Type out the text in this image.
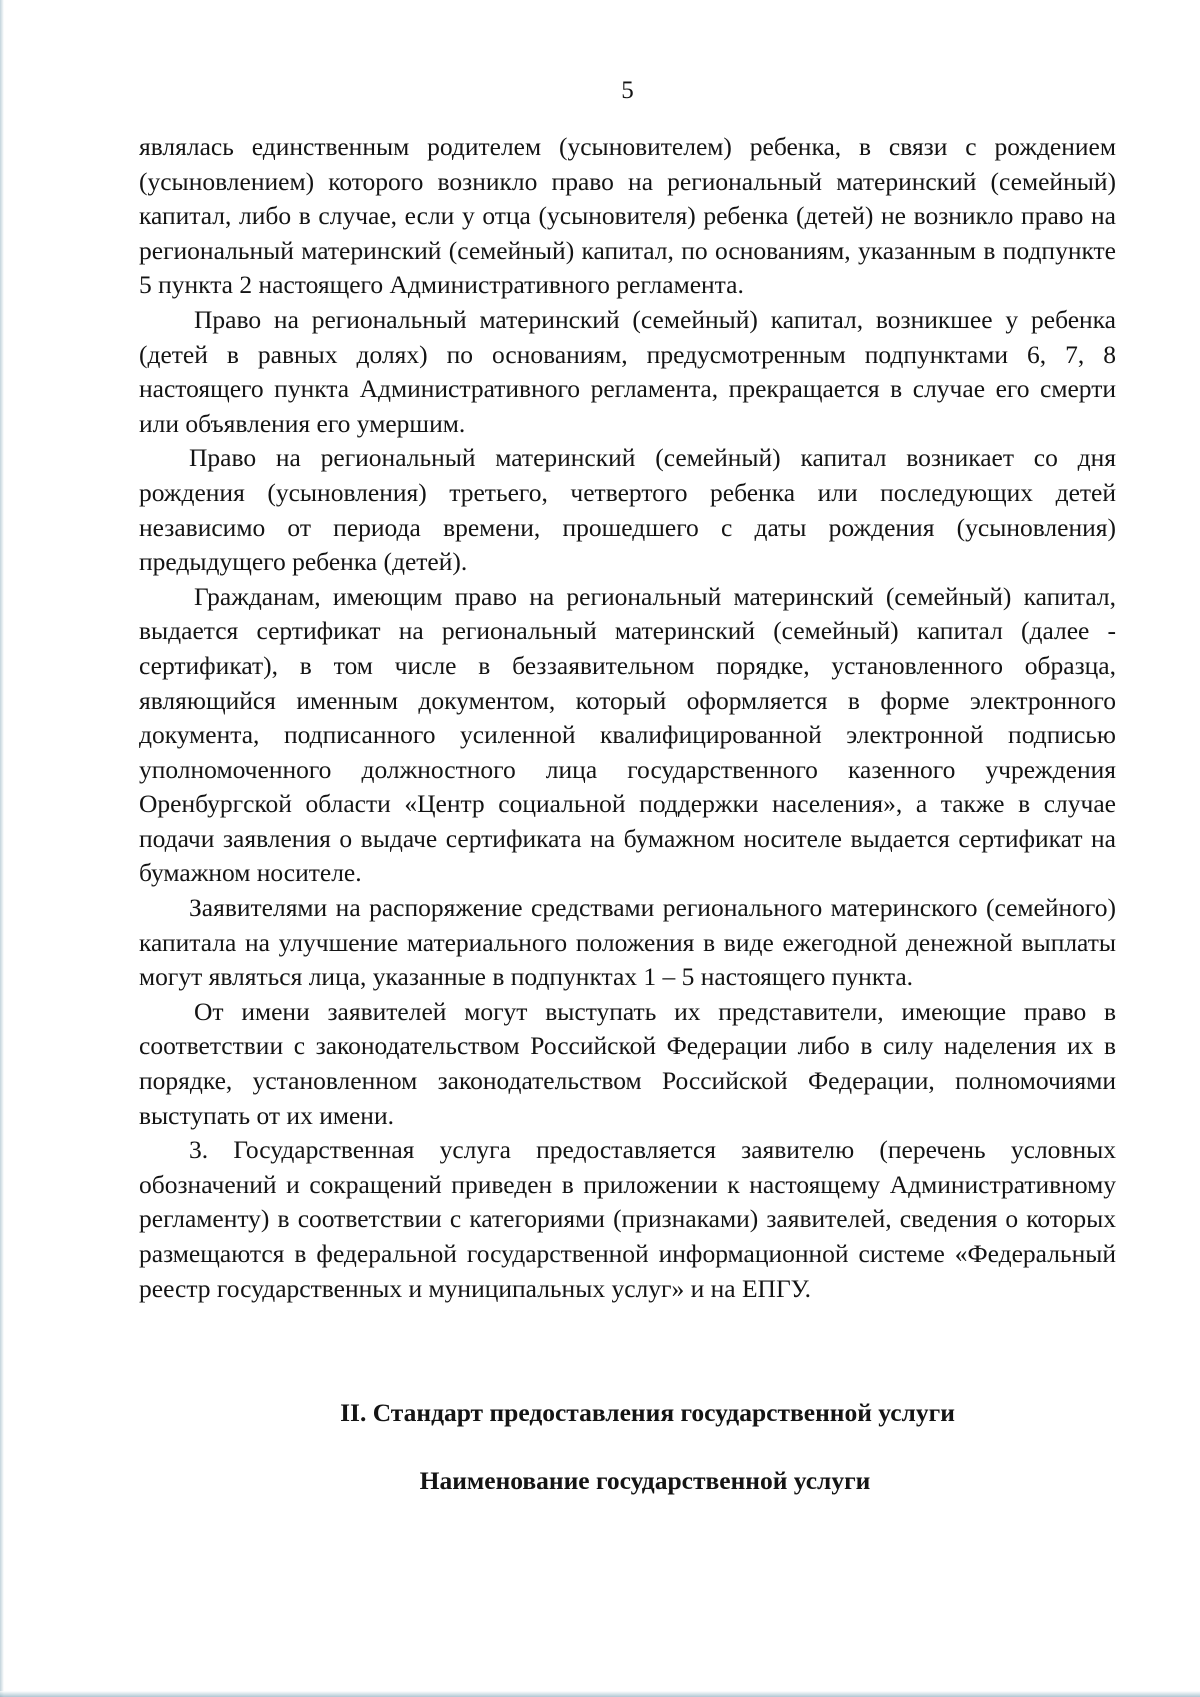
5

являлась единственным родителем (усыновителем) ребенка, в связи с рождением (усыновлением) которого возникло право на региональный материнский (семейный) капитал, либо в случае, если у отца (усыновителя) ребенка (детей) не возникло право на региональный материнский (семейный) капитал, по основаниям, указанным в подпункте 5 пункта 2 настоящего Административного регламента.

Право на региональный материнский (семейный) капитал, возникшее у ребенка (детей в равных долях) по основаниям, предусмотренным подпунктами 6, 7, 8 настоящего пункта Административного регламента, прекращается в случае его смерти или объявления его умершим.

Право на региональный материнский (семейный) капитал возникает со дня рождения (усыновления) третьего, четвертого ребенка или последующих детей независимо от периода времени, прошедшего с даты рождения (усыновления) предыдущего ребенка (детей).

Гражданам, имеющим право на региональный материнский (семейный) капитал, выдается сертификат на региональный материнский (семейный) капитал (далее - сертификат), в том числе в беззаявительном порядке, установленного образца, являющийся именным документом, который оформляется в форме электронного документа, подписанного усиленной квалифицированной электронной подписью уполномоченного должностного лица государственного казенного учреждения Оренбургской области «Центр социальной поддержки населения», а также в случае подачи заявления о выдаче сертификата на бумажном носителе выдается сертификат на бумажном носителе.

Заявителями на распоряжение средствами регионального материнского (семейного) капитала на улучшение материального положения в виде ежегодной денежной выплаты могут являться лица, указанные в подпунктах 1 – 5 настоящего пункта.

От имени заявителей могут выступать их представители, имеющие право в соответствии с законодательством Российской Федерации либо в силу наделения их в порядке, установленном законодательством Российской Федерации, полномочиями выступать от их имени.

3. Государственная услуга предоставляется заявителю (перечень условных обозначений и сокращений приведен в приложении к настоящему Административному регламенту) в соответствии с категориями (признаками) заявителей, сведения о которых размещаются в федеральной государственной информационной системе «Федеральный реестр государственных и муниципальных услуг» и на ЕПГУ.

II. Стандарт предоставления государственной услуги
Наименование государственной услуги
